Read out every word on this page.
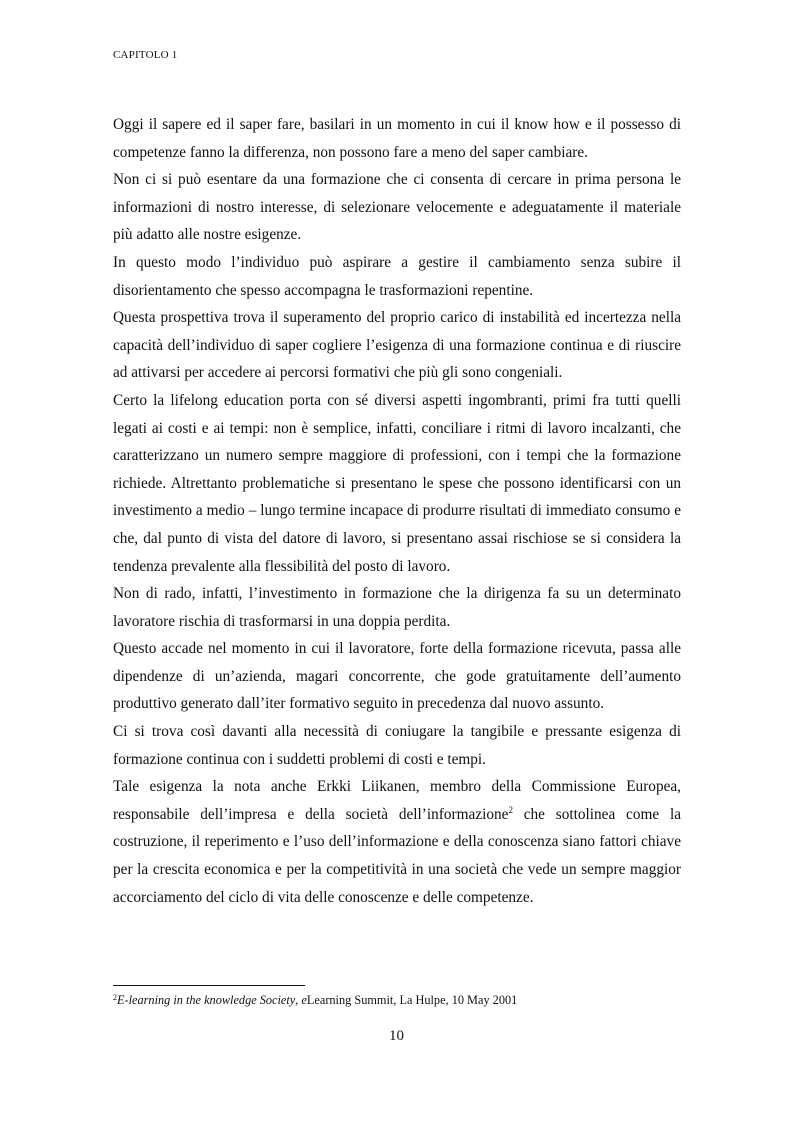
CAPITOLO 1

Oggi il sapere ed il saper fare, basilari in un momento in cui il know how e il possesso di competenze fanno la differenza, non possono fare a meno del saper cambiare.

Non ci si può esentare da una formazione che ci consenta di cercare in prima persona le informazioni di nostro interesse, di selezionare velocemente e adeguatamente il materiale più adatto alle nostre esigenze.

In questo modo l’individuo può aspirare a gestire il cambiamento senza subire il disorientamento che spesso accompagna le trasformazioni repentine.

Questa prospettiva trova il superamento del proprio carico di instabilità ed incertezza nella capacità dell’individuo di saper cogliere l’esigenza di una formazione continua e di riuscire ad attivarsi per accedere ai percorsi formativi che più gli sono congeniali.

Certo la lifelong education porta con sé diversi aspetti ingombranti, primi fra tutti quelli legati ai costi e ai tempi: non è semplice, infatti, conciliare i ritmi di lavoro incalzanti, che caratterizzano un numero sempre maggiore di professioni, con i tempi che la formazione richiede. Altrettanto problematiche si presentano le spese che possono identificarsi con un investimento a medio – lungo termine incapace di produrre risultati di immediato consumo e che, dal punto di vista del datore di lavoro, si presentano assai rischiose se si considera la tendenza prevalente alla flessibilità del posto di lavoro.

Non di rado, infatti, l’investimento in formazione che la dirigenza fa su un determinato lavoratore rischia di trasformarsi in una doppia perdita.

Questo accade nel momento in cui il lavoratore, forte della formazione ricevuta, passa alle dipendenze di un’azienda, magari concorrente, che gode gratuitamente dell’aumento produttivo generato dall’iter formativo seguito in precedenza dal nuovo assunto.

Ci si trova così davanti alla necessità di coniugare la tangibile e pressante esigenza di formazione continua con i suddetti problemi di costi e tempi.

Tale esigenza la nota anche Erkki Liikanen, membro della Commissione Europea, responsabile dell’impresa e della società dell’informazione$^2$ che sottolinea come la costruzione, il reperimento e l’uso dell’informazione e della conoscenza siano fattori chiave per la crescita economica e per la competitività in una società che vede un sempre maggior accorciamento del ciclo di vita delle conoscenze e delle competenze.

$^2$E-learning in the knowledge Society, eLearning Summit, La Hulpe, 10 May 2001
10
